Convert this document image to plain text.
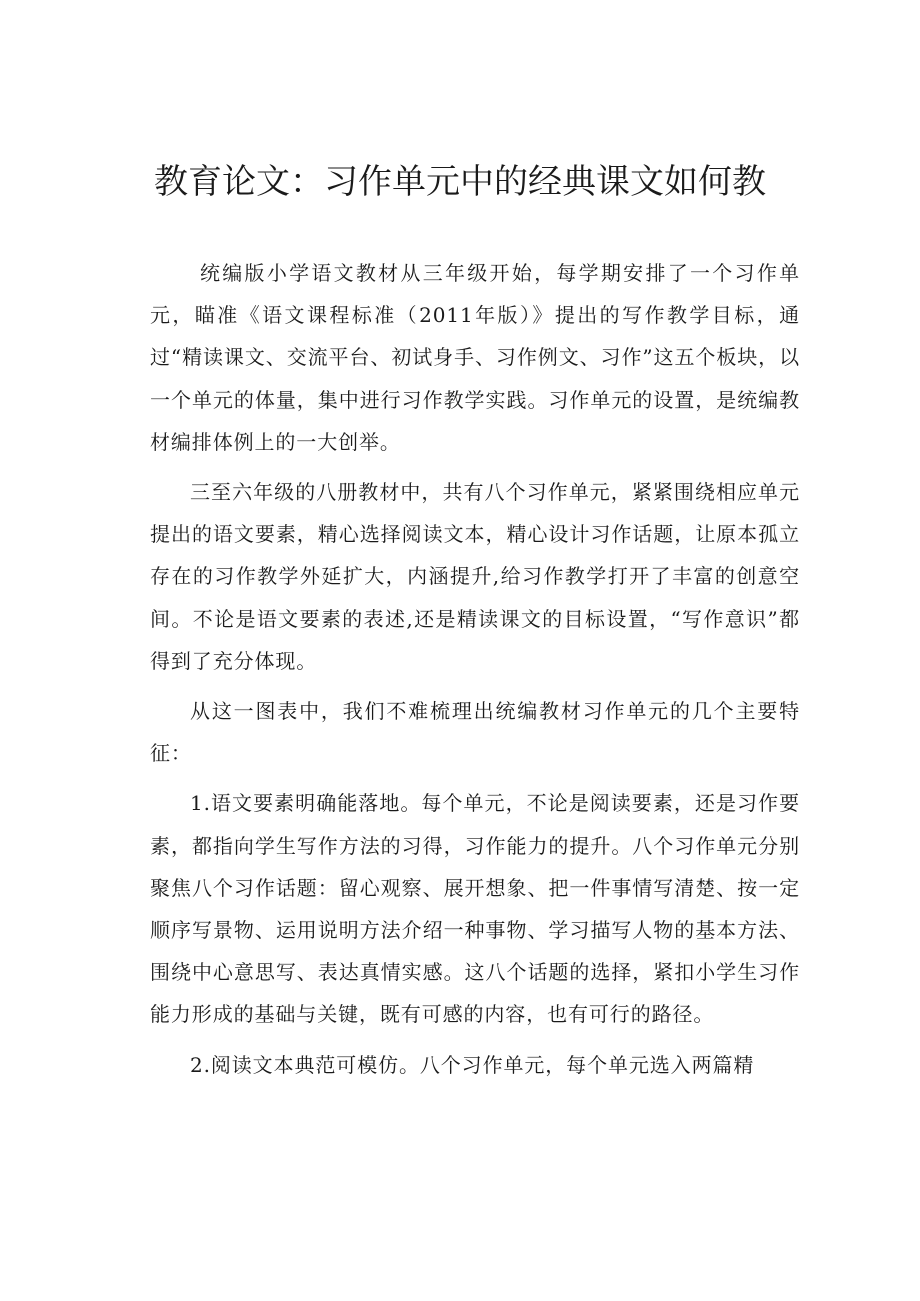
教育论文：习作单元中的经典课文如何教

统编版小学语文教材从三年级开始，每学期安排了一个习作单元，瞄准《语文课程标准（2011年版）》提出的写作教学目标，通过“精读课文、交流平台、初试身手、习作例文、习作”这五个板块，以一个单元的体量，集中进行习作教学实践。习作单元的设置，是统编教材编排体例上的一大创举。

三至六年级的八册教材中，共有八个习作单元，紧紧围绕相应单元提出的语文要素，精心选择阅读文本，精心设计习作话题，让原本孤立存在的习作教学外延扩大，内涵提升,给习作教学打开了丰富的创意空间。不论是语文要素的表述,还是精读课文的目标设置，“写作意识”都得到了充分体现。

从这一图表中，我们不难梳理出统编教材习作单元的几个主要特征：

1.语文要素明确能落地。每个单元，不论是阅读要素，还是习作要素，都指向学生写作方法的习得，习作能力的提升。八个习作单元分别聚焦八个习作话题：留心观察、展开想象、把一件事情写清楚、按一定顺序写景物、运用说明方法介绍一种事物、学习描写人物的基本方法、围绕中心意思写、表达真情实感。这八个话题的选择，紧扣小学生习作能力形成的基础与关键，既有可感的内容，也有可行的路径。

2.阅读文本典范可模仿。八个习作单元，每个单元选入两篇精
